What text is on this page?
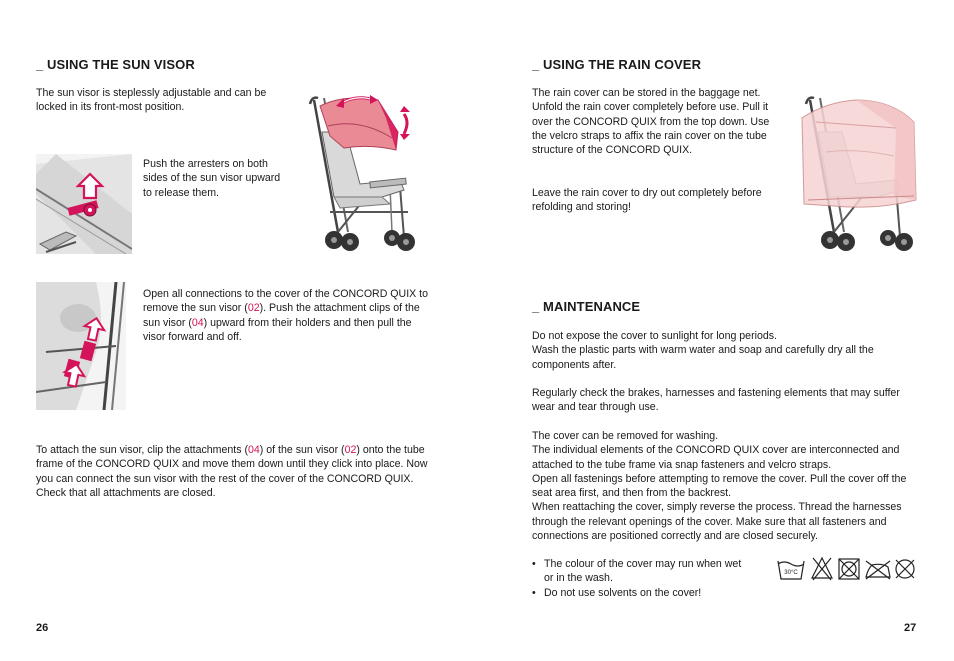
_ USING THE SUN VISOR

The sun visor is steplessly adjustable and can be locked in its front-most position.

Push the arresters on both sides of the sun visor upward to release them.

Open all connections to the cover of the CONCORD QUIX to remove the sun visor (02). Push the attachment clips of the sun visor (04) upward from their holders and then pull the visor forward and off.

To attach the sun visor, clip the attachments (04) of the sun visor (02) onto the tube frame of the CONCORD QUIX and move them down until they click into place. Now you can connect the sun visor with the rest of the cover of the CONCORD QUIX. Check that all attachments are closed.

26
_ USING THE RAIN COVER

The rain cover can be stored in the baggage net. Unfold the rain cover completely before use. Pull it over the CONCORD QUIX from the top down. Use the velcro straps to affix the rain cover on the tube structure of the CONCORD QUIX.

Leave the rain cover to dry out completely before refolding and storing!

_ MAINTENANCE

Do not expose the cover to sunlight for long periods.
Wash the plastic parts with warm water and soap and carefully dry all the components after.

Regularly check the brakes, harnesses and fastening elements that may suffer wear and tear through use.

The cover can be removed for washing.
The individual elements of the CONCORD QUIX cover are interconnected and attached to the tube frame via snap fasteners and velcro straps.
Open all fastenings before attempting to remove the cover. Pull the cover off the seat area first, and then from the backrest.
When reattaching the cover, simply reverse the process. Thread the harnesses through the relevant openings of the cover. Make sure that all fasteners and connections are positioned correctly and are closed securely.

• The colour of the cover may run when wet or in the wash.
• Do not use solvents on the cover!
30°C
27
